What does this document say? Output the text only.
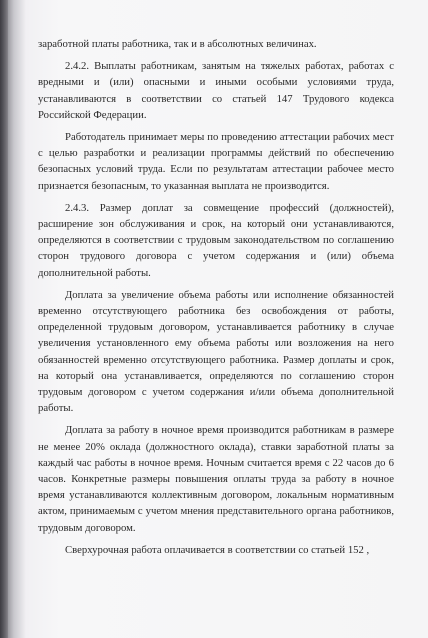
заработной платы работника, так и в абсолютных величинах.

2.4.2. Выплаты работникам, занятым на тяжелых работах, работах с вредными и (или) опасными и иными особыми условиями труда, устанавливаются в соответствии со статьей 147 Трудового кодекса Российской Федерации.

Работодатель принимает меры по проведению аттестации рабочих мест с целью разработки и реализации программы действий по обеспечению безопасных условий труда. Если по результатам аттестации рабочее место признается безопасным, то указанная выплата не производится.

2.4.3. Размер доплат за совмещение профессий (должностей), расширение зон обслуживания и срок, на который они устанавливаются, определяются в соответствии с трудовым законодательством по соглашению сторон трудового договора с учетом содержания и (или) объема дополнительной работы.

Доплата за увеличение объема работы или исполнение обязанностей временно отсутствующего работника без освобождения от работы, определенной трудовым договором, устанавливается работнику в случае увеличения установленного ему объема работы или возложения на него обязанностей временно отсутствующего работника. Размер доплаты и срок, на который она устанавливается, определяются по соглашению сторон трудовым договором с учетом содержания и/или объема дополнительной работы.

Доплата за работу в ночное время производится работникам в размере не менее 20% оклада (должностного оклада), ставки заработной платы за каждый час работы в ночное время. Ночным считается время с 22 часов до 6 часов. Конкретные размеры повышения оплаты труда за работу в ночное время устанавливаются коллективным договором, локальным нормативным актом, принимаемым с учетом мнения представительного органа работников, трудовым договором.

Сверхурочная работа оплачивается в соответствии со статьей 152 ,
